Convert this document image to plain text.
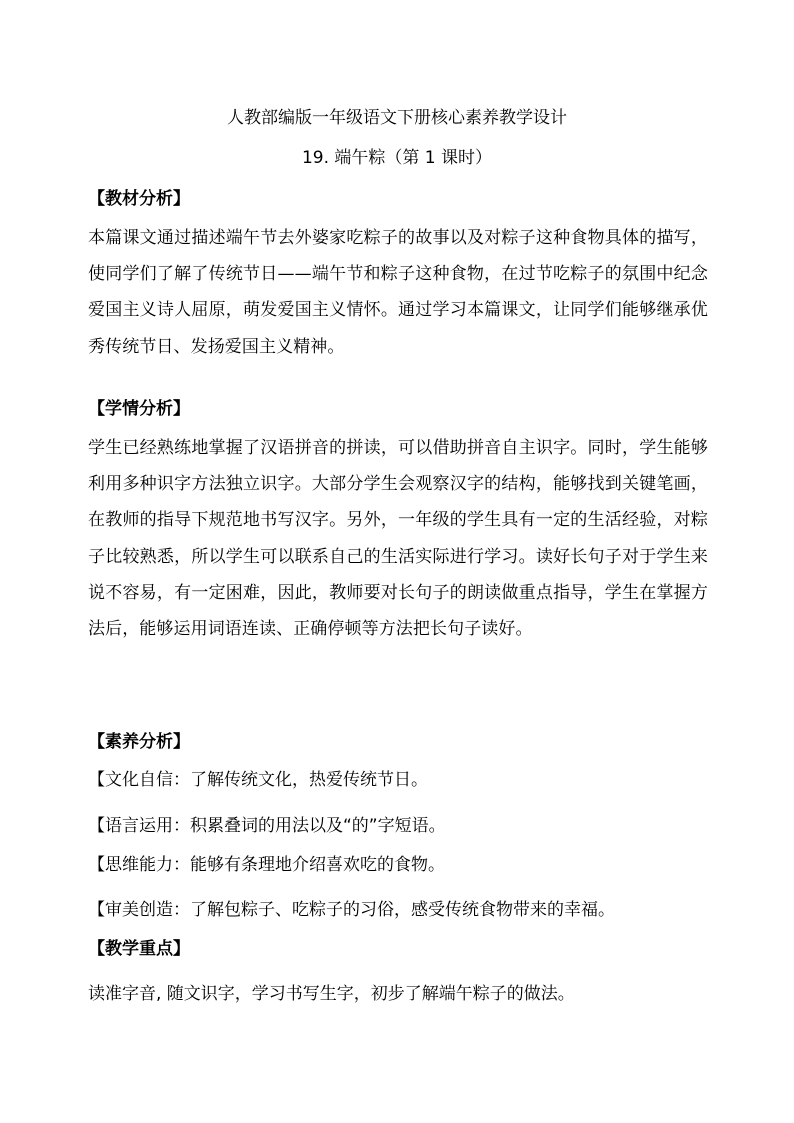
人教部编版一年级语文下册核心素养教学设计
19. 端午粽（第 1 课时）
【教材分析】
本篇课文通过描述端午节去外婆家吃粽子的故事以及对粽子这种食物具体的描写，使同学们了解了传统节日——端午节和粽子这种食物，在过节吃粽子的氛围中纪念爱国主义诗人屈原，萌发爱国主义情怀。通过学习本篇课文，让同学们能够继承优秀传统节日、发扬爱国主义精神。
【学情分析】
学生已经熟练地掌握了汉语拼音的拼读，可以借助拼音自主识字。同时，学生能够利用多种识字方法独立识字。大部分学生会观察汉字的结构，能够找到关键笔画，在教师的指导下规范地书写汉字。另外，一年级的学生具有一定的生活经验，对粽子比较熟悉，所以学生可以联系自己的生活实际进行学习。读好长句子对于学生来说不容易，有一定困难，因此，教师要对长句子的朗读做重点指导，学生在掌握方法后，能够运用词语连读、正确停顿等方法把长句子读好。
【素养分析】
【文化自信：了解传统文化，热爱传统节日。
【语言运用：积累叠词的用法以及“的”字短语。
【思维能力：能够有条理地介绍喜欢吃的食物。
【审美创造：了解包粽子、吃粽子的习俗，感受传统食物带来的幸福。
【教学重点】
读准字音, 随文识字，学习书写生字，初步了解端午粽子的做法。
